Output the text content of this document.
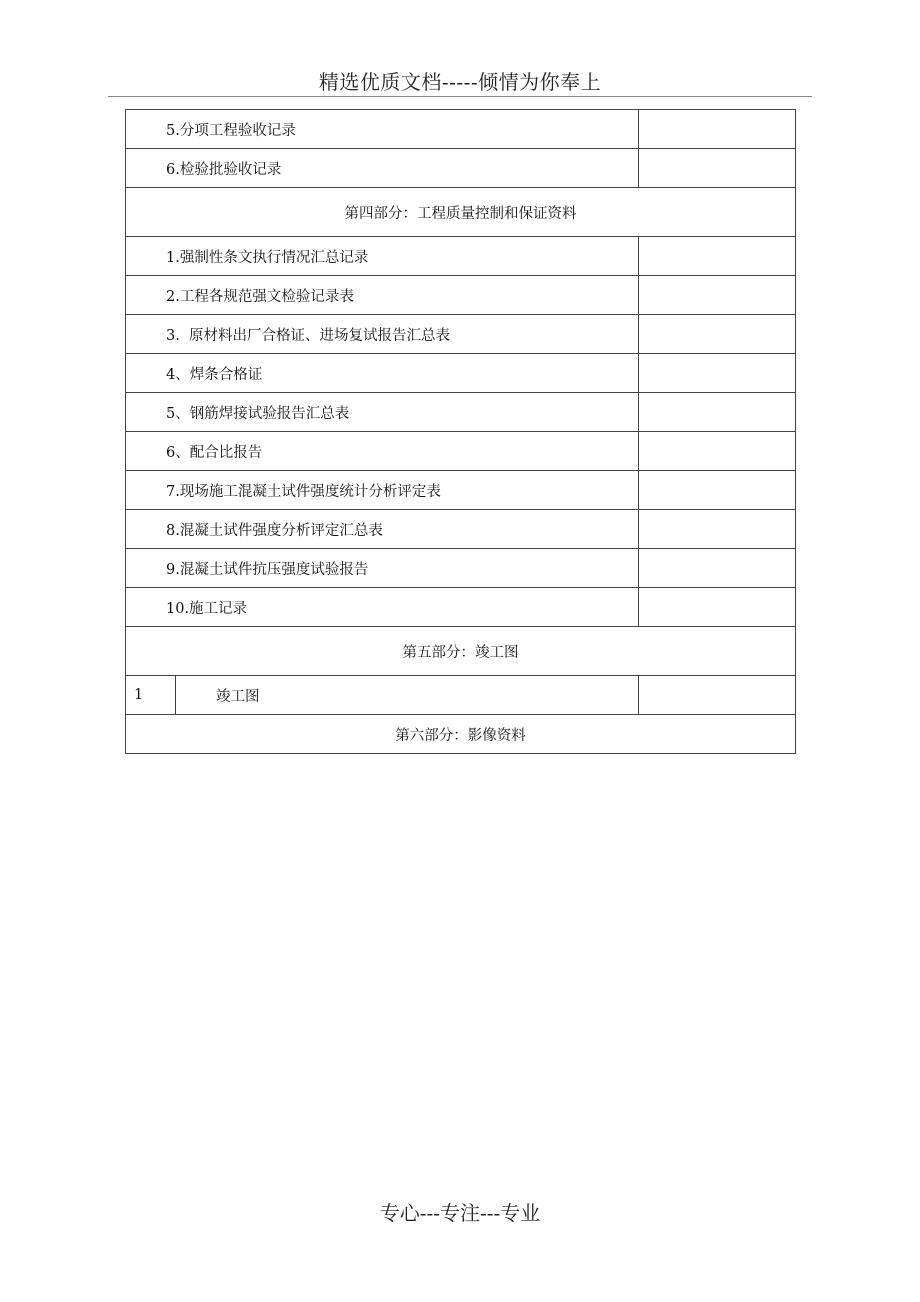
精选优质文档-----倾情为你奉上
5.分项工程验收记录		
6.检验批验收记录		
第四部分：工程质量控制和保证资料		
1.强制性条文执行情况汇总记录		
2.工程各规范强文检验记录表		
3.  原材料出厂合格证、进场复试报告汇总表		
4、焊条合格证		
5、钢筋焊接试验报告汇总表		
6、配合比报告		
7.现场施工混凝土试件强度统计分析评定表		
8.混凝土试件强度分析评定汇总表		
9.混凝土试件抗压强度试验报告		
10.施工记录		
第五部分：竣工图		
1	竣工图	
第六部分：影像资料		
专心---专注---专业
